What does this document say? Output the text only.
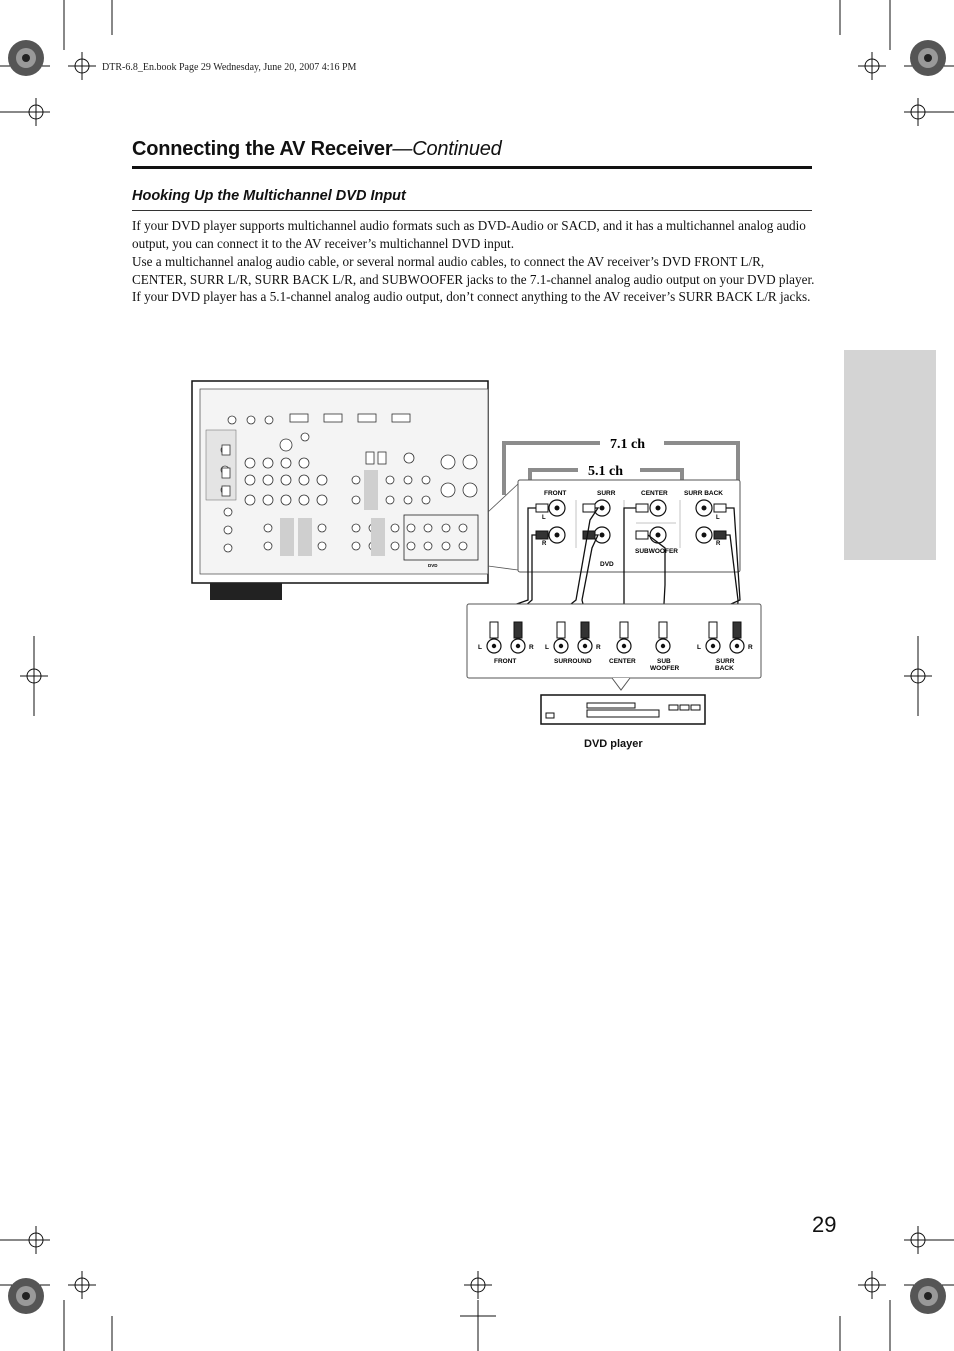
DTR-6.8_En.book Page 29 Wednesday, June 20, 2007 4:16 PM
Connecting the AV Receiver—Continued
Hooking Up the Multichannel DVD Input
If your DVD player supports multichannel audio formats such as DVD-Audio or SACD, and it has a multichannel analog audio output, you can connect it to the AV receiver’s multichannel DVD input.
Use a multichannel analog audio cable, or several normal audio cables, to connect the AV receiver’s DVD FRONT L/R, CENTER, SURR L/R, SURR BACK L/R, and SUBWOOFER jacks to the 7.1-channel analog audio output on your DVD player. If your DVD player has a 5.1-channel analog audio output, don’t connect anything to the AV receiver’s SURR BACK L/R jacks.
DVD
7.1 ch
5.1 ch
FRONT	SURR	CENTER	SURR BACK
SUBWOOFER
DVD
L
R
L
R
L	R L	R	L	R
FRONT	SURROUND	CENTER	SUB
WOOFER
SURR
BACK
DVD player
29
